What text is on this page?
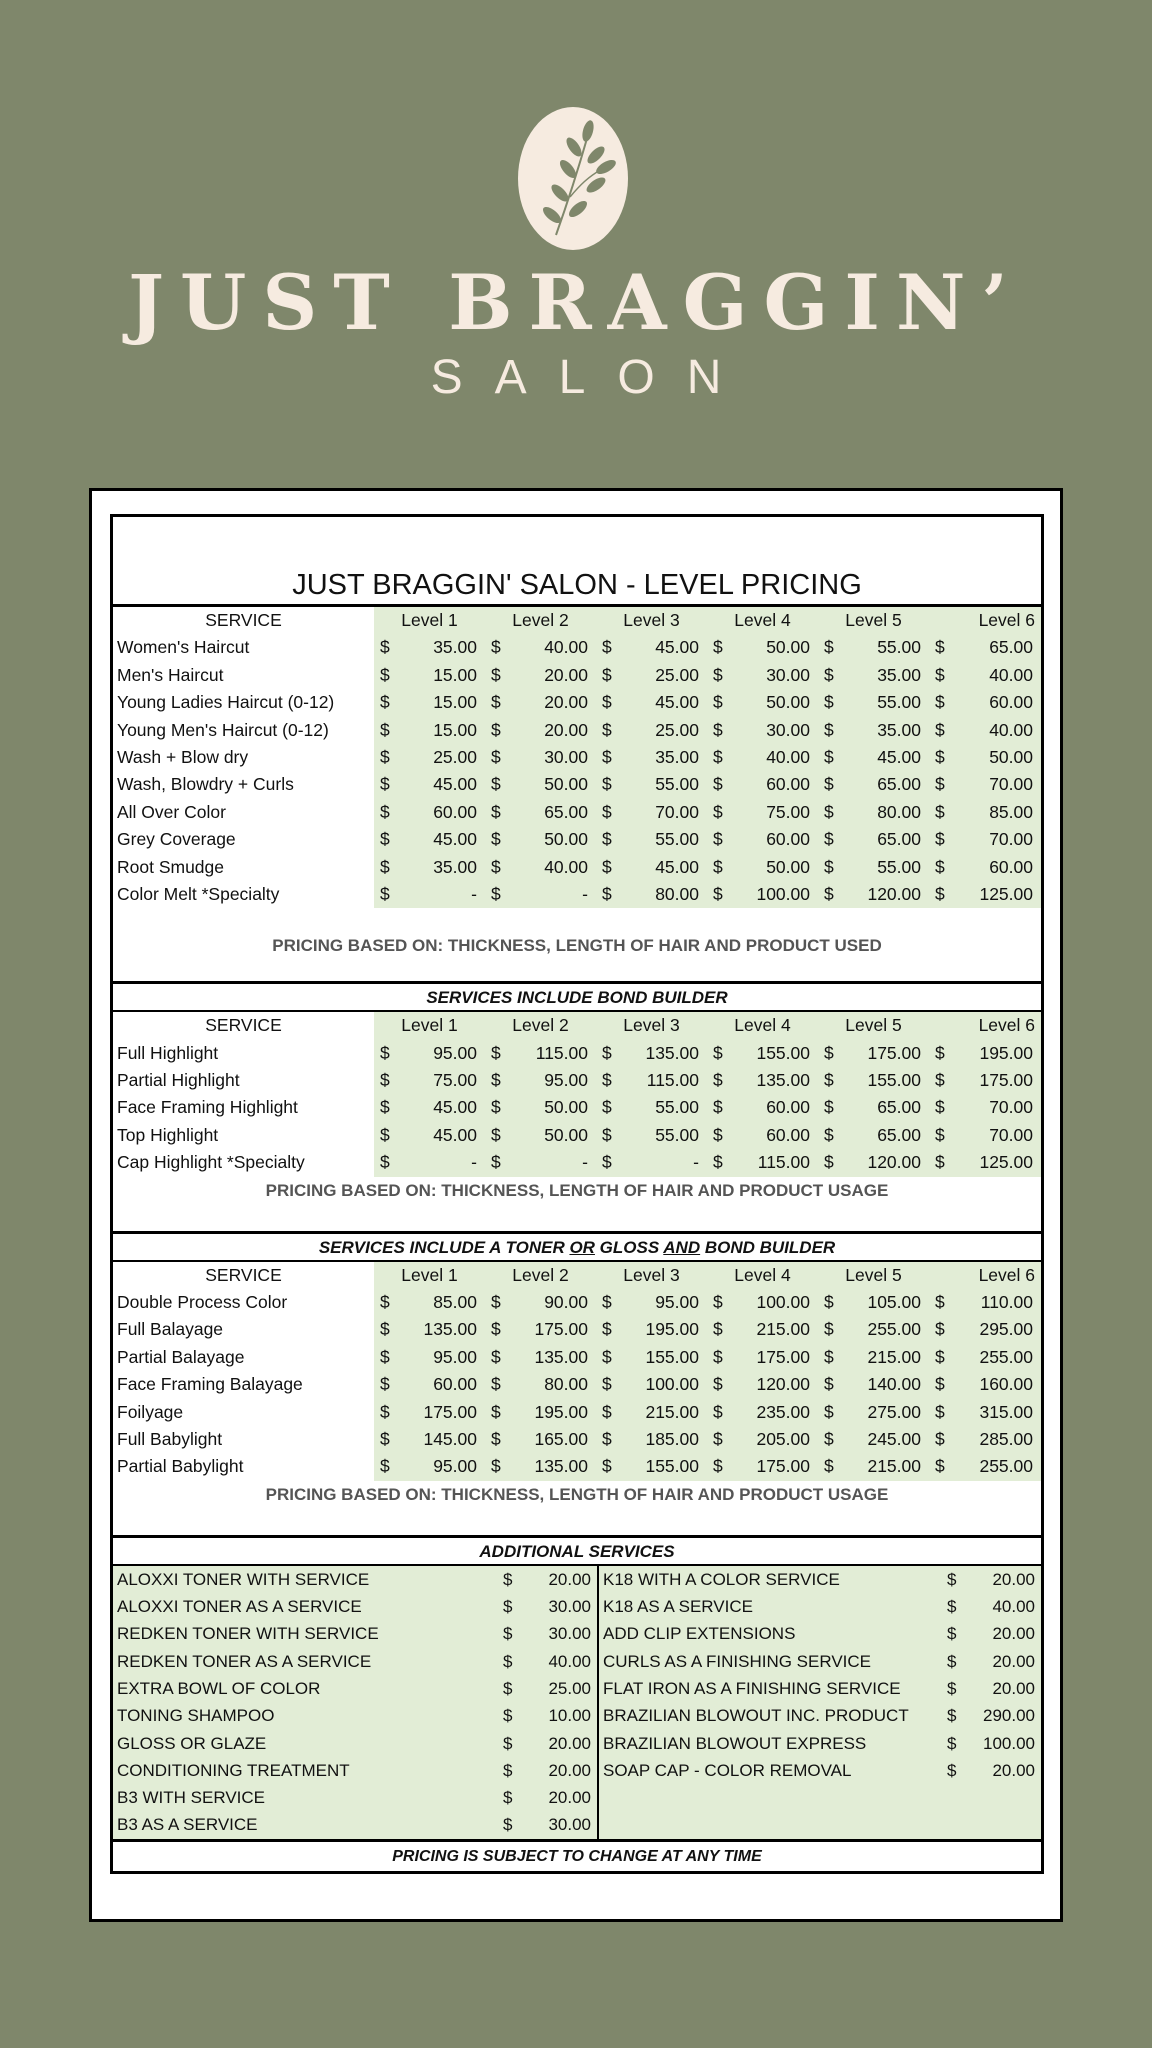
JUST BRAGGIN’
SALON
JUST BRAGGIN' SALON - LEVEL PRICING
SERVICE	Level 1	Level 2	Level 3	Level 4	Level 5	Level 6
Women's Haircut	$	35.00 $	40.00 $	45.00 $	50.00 $	55.00 $	65.00
Men's Haircut	$	15.00 $	20.00 $	25.00 $	30.00 $	35.00 $	40.00
Young Ladies Haircut (0-12)	$	15.00 $	20.00 $	45.00 $	50.00 $	55.00 $	60.00
Young Men's Haircut (0-12)	$	15.00 $	20.00 $	25.00 $	30.00 $	35.00 $	40.00
Wash + Blow dry	$	25.00 $	30.00 $	35.00 $	40.00 $	45.00 $	50.00
Wash, Blowdry + Curls	$	45.00 $	50.00 $	55.00 $	60.00 $	65.00 $	70.00
All Over Color	$	60.00 $	65.00 $	70.00 $	75.00 $	80.00 $	85.00
Grey Coverage	$	45.00 $	50.00 $	55.00 $	60.00 $	65.00 $	70.00
Root Smudge	$	35.00 $	40.00 $	45.00 $	50.00 $	55.00 $	60.00
Color Melt *Specialty	$	- $	- $	80.00 $	100.00 $	120.00 $	125.00
PRICING BASED ON: THICKNESS, LENGTH OF HAIR AND PRODUCT USED
SERVICES INCLUDE BOND BUILDER
SERVICE	Level 1	Level 2	Level 3	Level 4	Level 5	Level 6
Full Highlight	$	95.00 $	115.00 $	135.00 $	155.00 $	175.00 $	195.00
Partial Highlight	$	75.00 $	95.00 $	115.00 $	135.00 $	155.00 $	175.00
Face Framing Highlight	$	45.00 $	50.00 $	55.00 $	60.00 $	65.00 $	70.00
Top Highlight	$	45.00 $	50.00 $	55.00 $	60.00 $	65.00 $	70.00
Cap Highlight *Specialty	$	- $	- $	- $	115.00 $	120.00 $	125.00
PRICING BASED ON: THICKNESS, LENGTH OF HAIR AND PRODUCT USAGE
SERVICES INCLUDE A TONER OR GLOSS AND BOND BUILDER
SERVICE	Level 1	Level 2	Level 3	Level 4	Level 5	Level 6
Double Process Color	$	85.00 $	90.00 $	95.00 $	100.00 $	105.00 $	110.00
Full Balayage	$	135.00 $	175.00 $	195.00 $	215.00 $	255.00 $	295.00
Partial Balayage	$	95.00 $	135.00 $	155.00 $	175.00 $	215.00 $	255.00
Face Framing Balayage	$	60.00 $	80.00 $	100.00 $	120.00 $	140.00 $	160.00
Foilyage	$	175.00 $	195.00 $	215.00 $	235.00 $	275.00 $	315.00
Full Babylight	$	145.00 $	165.00 $	185.00 $	205.00 $	245.00 $	285.00
Partial Babylight	$	95.00 $	135.00 $	155.00 $	175.00 $	215.00 $	255.00
PRICING BASED ON: THICKNESS, LENGTH OF HAIR AND PRODUCT USAGE
ADDITIONAL SERVICES
ALOXXI TONER WITH SERVICE	$	20.00
ALOXXI TONER AS A SERVICE	$	30.00
REDKEN TONER WITH SERVICE	$	30.00
REDKEN TONER AS A SERVICE	$	40.00
EXTRA BOWL OF COLOR	$	25.00
TONING SHAMPOO	$	10.00
GLOSS OR GLAZE	$	20.00
CONDITIONING TREATMENT	$	20.00
B3 WITH SERVICE	$	20.00
B3 AS A SERVICE	$	30.00
K18 WITH A COLOR SERVICE	$	20.00
K18 AS A SERVICE	$	40.00
ADD CLIP EXTENSIONS	$	20.00
CURLS AS A FINISHING SERVICE	$	20.00
FLAT IRON AS A FINISHING SERVICE	$	20.00
BRAZILIAN BLOWOUT INC. PRODUCT	$	290.00
BRAZILIAN BLOWOUT EXPRESS	$	100.00
SOAP CAP - COLOR REMOVAL	$	20.00
PRICING IS SUBJECT TO CHANGE AT ANY TIME
